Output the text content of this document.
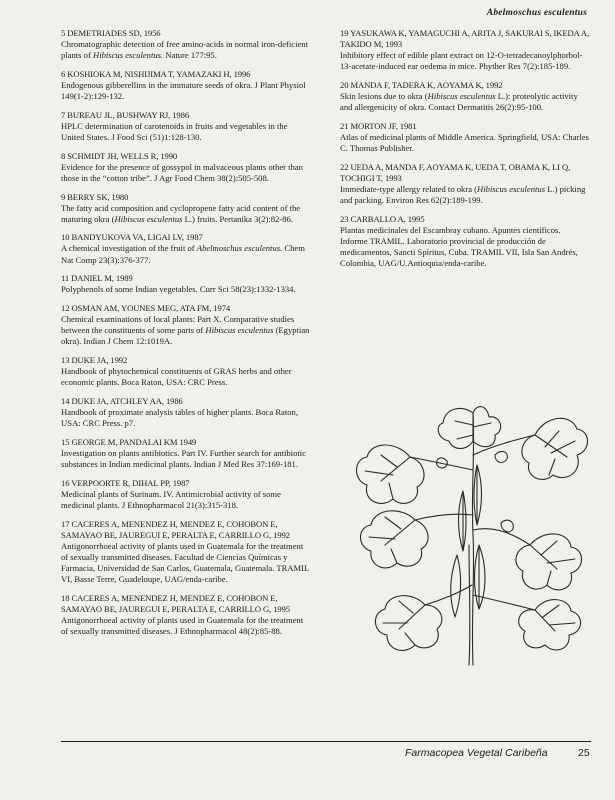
Abelmoschus esculentus
5 DEMETRIADES SD, 1956
Chromatographic detection of free amino-acids in normal iron-deficient plants of Hibiscus esculentus. Nature 177:95.
6 KOSHIOKA M, NISHIJIMA T, YAMAZAKI H, 1996
Endogenous gibberellins in the immature seeds of okra. J Plant Physiol 149(1-2):129-132.
7 BUREAU JL, BUSHWAY RJ, 1986
HPLC determination of carotenoids in fruits and vegetables in the United States. J Food Sci (51)1:128-130.
8 SCHMIDT JH, WELLS R, 1990
Evidence for the presence of gossypol in malvaceous plants other than those in the “cotton tribe”. J Agr Food Chem 38(2):505-508.
9 BERRY SK, 1980
The fatty acid composition and cyclopropene fatty acid content of the maturing okra (Hibiscus esculentus L.) fruits. Pertanika 3(2):82-86.
10 BANDYUKOVA VA, LIGAI LV, 1987
A chemical investigation of the fruit of Abelmoschus esculentus. Chem Nat Comp 23(3):376-377.
11 DANIEL M, 1989
Polyphenols of some Indian vegetables. Curr Sci 58(23):1332-1334.
12 OSMAN AM, YOUNES MEG, ATA FM, 1974
Chemical examinations of local plants: Part X. Comparative studies between the constituents of some parts of Hibiscus esculentus (Egyptian okra). Indian J Chem 12:1019A.
13 DUKE JA, 1992
Handbook of phytochemical constituents of GRAS herbs and other economic plants. Boca Raton, USA: CRC Press.
14 DUKE JA, ATCHLEY AA, 1986
Handbook of proximate analysis tables of higher plants. Boca Raton, USA: CRC Press. p7.
15 GEORGE M, PANDALAI KM 1949
Investigation on plants antibiotics. Part IV. Further search for antibiotic substances in Indian medicinal plants. Indian J Med Res 37:169-181.
16 VERPOORTE R, DIHAL PP, 1987
Medicinal plants of Surinam. IV. Antimicrobial activity of some medicinal plants. J Ethnopharmacol 21(3):315-318.
17 CACERES A, MENENDEZ H, MENDEZ E, COHOBON E, SAMAYAO BE, JAUREGUI E, PERALTA E, CARRILLO G, 1992
Antigonorrhoeal activity of plants used in Guatemala for the treatment of sexually transmitted diseases. Facultad de Ciencias Químicas y Farmacia, Universidad de San Carlos, Guatemala, Guatemala. TRAMIL VI, Basse Terre, Guadeloupe, UAG/enda-caribe.
18 CACERES A, MENENDEZ H, MENDEZ E, COHOBON E, SAMAYAO BE, JAUREGUI E, PERALTA E, CARRILLO G, 1995
Antigonorrhoeal activity of plants used in Guatemala for the treatment of sexually transmitted diseases. J Ethnopharmacol 48(2):85-88.
19 YASUKAWA K, YAMAGUCHI A, ARITA J, SAKURAI S, IKEDA A, TAKIDO M, 1993
Inhibitory effect of edible plant extract on 12-O-tetradecanoylphorbol-13-acetate-induced ear oedema in mice. Phyther Res 7(2):185-189.
20 MANDA F, TADERA K, AOYAMA K, 1992
Skin lesions due to okra (Hibiscus esculentus L.): proteolytic activity and allergenicity of okra. Contact Dermatitis 26(2):95-100.
21 MORTON JF, 1981
Atlas of medicinal plants of Middle America. Springfield, USA: Charles C. Thomas Publisher.
22 UEDA A, MANDA F, AOYAMA K, UEDA T, OBAMA K, LI Q, TOCHIGI T, 1993
Immediate-type allergy related to okra (Hibiscus esculentus L.) picking and packing. Environ Res 62(2):189-199.
23 CARBALLO A, 1995
Plantas medicinales del Escambray cubano. Apuntes científicos. Informe TRAMIL. Laboratorio provincial de producción de medicamentos, Sancti Spíritus, Cuba. TRAMIL VII, Isla San Andrés, Colombia, UAG/U.Antioquia/enda-caribe.
Farmacopea Vegetal Caribeña	25
